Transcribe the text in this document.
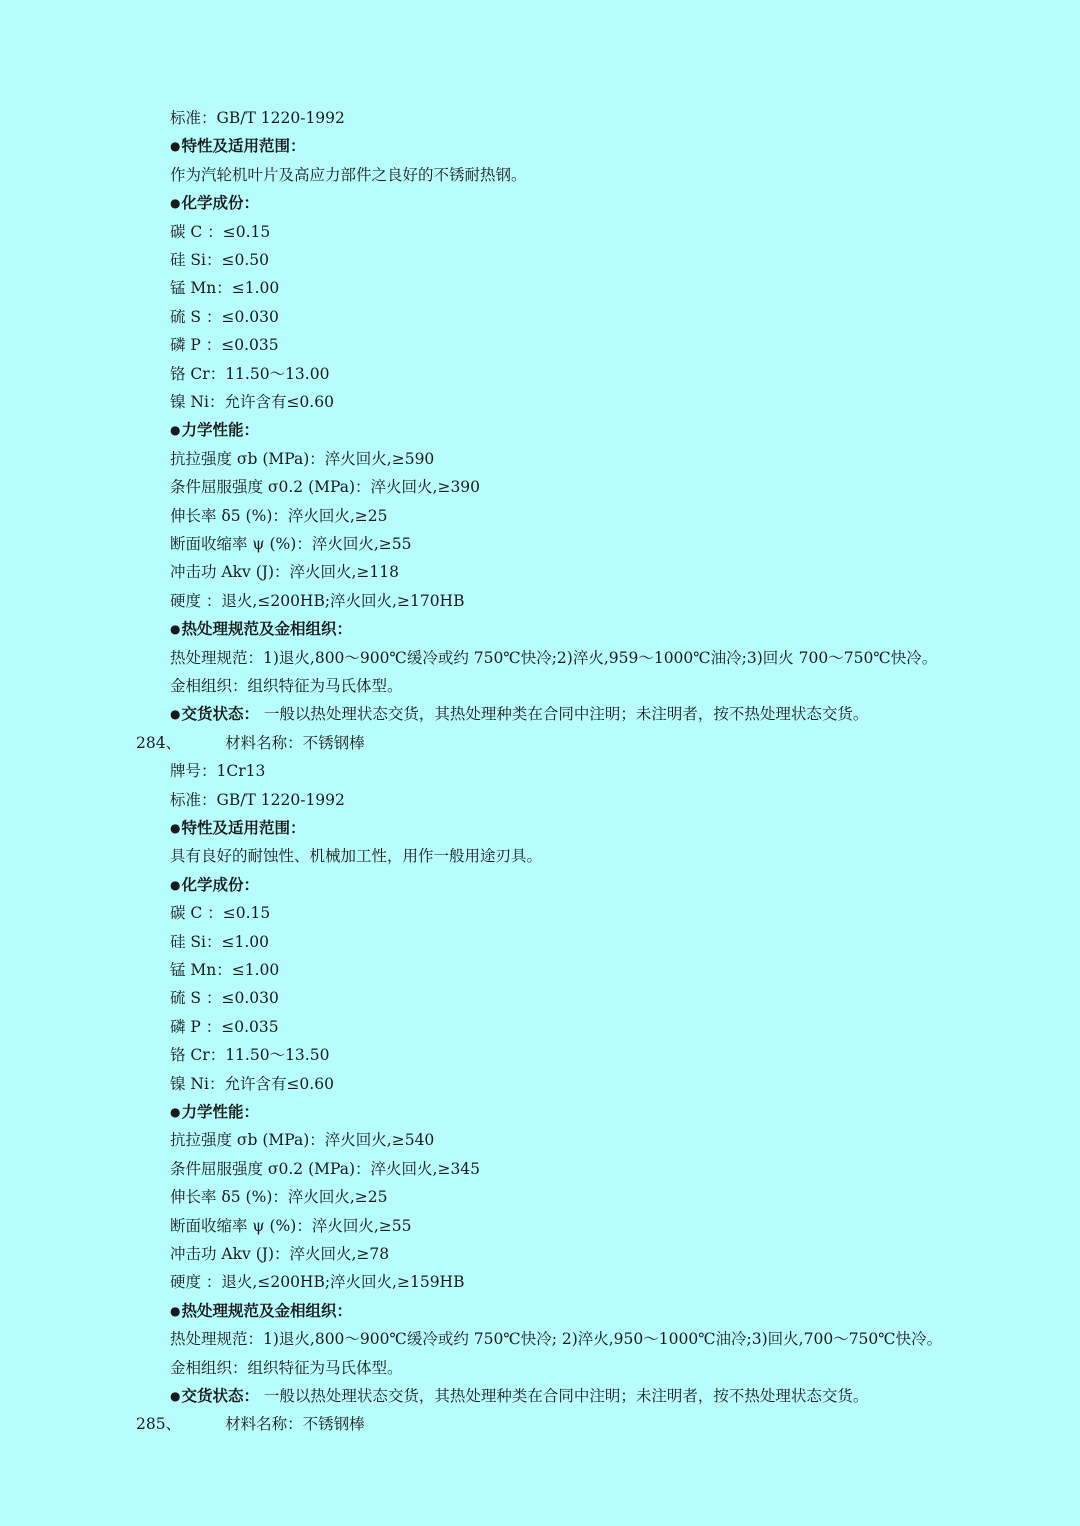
标准：GB/T 1220-1992
●特性及适用范围：
作为汽轮机叶片及高应力部件之良好的不锈耐热钢。
●化学成份：
碳 C ：≤0.15
硅 Si：≤0.50
锰 Mn：≤1.00
硫 S ：≤0.030
磷 P ：≤0.035
铬 Cr：11.50～13.00
镍 Ni：允许含有≤0.60
●力学性能：
抗拉强度 σb (MPa)：淬火回火,≥590
条件屈服强度 σ0.2 (MPa)：淬火回火,≥390
伸长率 δ5 (%)：淬火回火,≥25
断面收缩率 ψ (%)：淬火回火,≥55
冲击功 Akv (J)：淬火回火,≥118
硬度 ：退火,≤200HB;淬火回火,≥170HB
●热处理规范及金相组织：
热处理规范：1)退火,800～900℃缓冷或约 750℃快冷;2)淬火,959～1000℃油冷;3)回火 700～750℃快冷。
金相组织：组织特征为马氏体型。
●交货状态： 一般以热处理状态交货，其热处理种类在合同中注明；未注明者，按不热处理状态交货。
284、	材料名称：不锈钢棒
牌号：1Cr13
标准：GB/T 1220-1992
●特性及适用范围：
具有良好的耐蚀性、机械加工性，用作一般用途刃具。
●化学成份：
碳 C ：≤0.15
硅 Si：≤1.00
锰 Mn：≤1.00
硫 S ：≤0.030
磷 P ：≤0.035
铬 Cr：11.50～13.50
镍 Ni：允许含有≤0.60
●力学性能：
抗拉强度 σb (MPa)：淬火回火,≥540
条件屈服强度 σ0.2 (MPa)：淬火回火,≥345
伸长率 δ5 (%)：淬火回火,≥25
断面收缩率 ψ (%)：淬火回火,≥55
冲击功 Akv (J)：淬火回火,≥78
硬度 ：退火,≤200HB;淬火回火,≥159HB
●热处理规范及金相组织：
热处理规范：1)退火,800～900℃缓冷或约 750℃快冷; 2)淬火,950～1000℃油冷;3)回火,700～750℃快冷。
金相组织：组织特征为马氏体型。
●交货状态： 一般以热处理状态交货，其热处理种类在合同中注明；未注明者，按不热处理状态交货。
285、	材料名称：不锈钢棒
